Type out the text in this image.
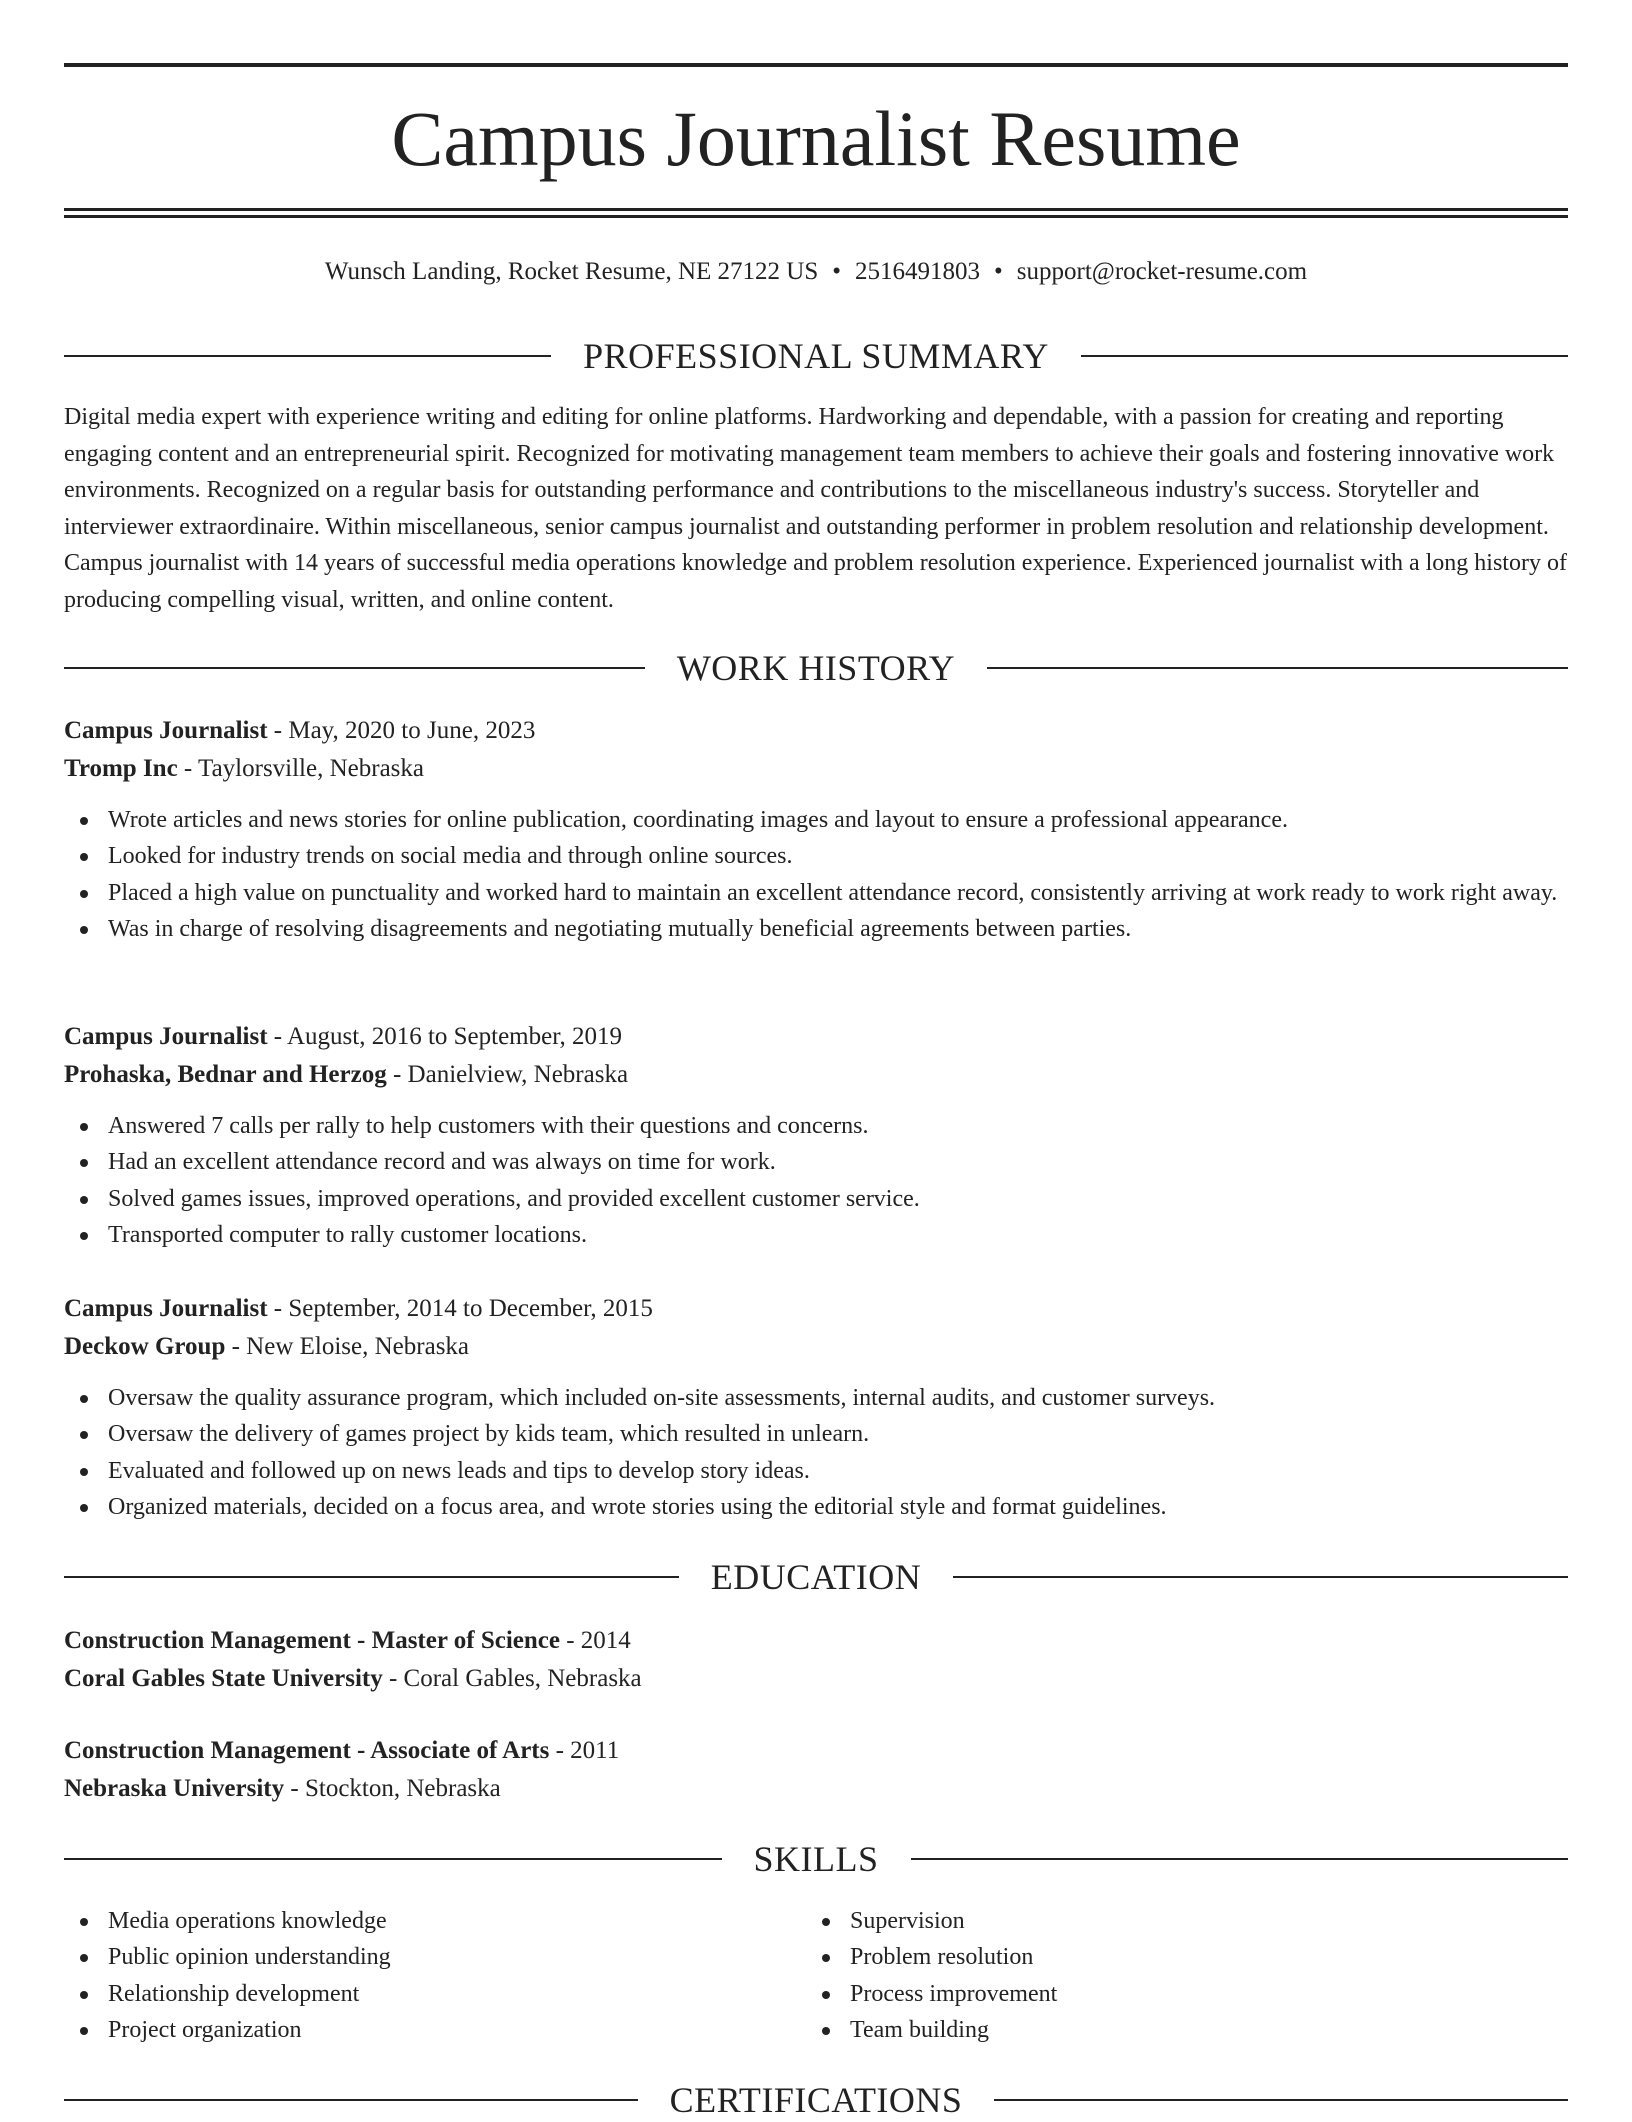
Campus Journalist Resume
Wunsch Landing, Rocket Resume, NE 27122 US • 2516491803 • support@rocket-resume.com
PROFESSIONAL SUMMARY

Digital media expert with experience writing and editing for online platforms. Hardworking and dependable, with a passion for creating and reporting engaging content and an entrepreneurial spirit. Recognized for motivating management team members to achieve their goals and fostering innovative work environments. Recognized on a regular basis for outstanding performance and contributions to the miscellaneous industry's success. Storyteller and interviewer extraordinaire. Within miscellaneous, senior campus journalist and outstanding performer in problem resolution and relationship development. Campus journalist with 14 years of successful media operations knowledge and problem resolution experience. Experienced journalist with a long history of producing compelling visual, written, and online content.

WORK HISTORY
Campus Journalist - May, 2020 to June, 2023
Tromp Inc - Taylorsville, Nebraska
Wrote articles and news stories for online publication, coordinating images and layout to ensure a professional appearance.
Looked for industry trends on social media and through online sources.
Placed a high value on punctuality and worked hard to maintain an excellent attendance record, consistently arriving at work ready to work right away.
Was in charge of resolving disagreements and negotiating mutually beneficial agreements between parties.
Campus Journalist - August, 2016 to September, 2019
Prohaska, Bednar and Herzog - Danielview, Nebraska
Answered 7 calls per rally to help customers with their questions and concerns.
Had an excellent attendance record and was always on time for work.
Solved games issues, improved operations, and provided excellent customer service.
Transported computer to rally customer locations.
Campus Journalist - September, 2014 to December, 2015
Deckow Group - New Eloise, Nebraska
Oversaw the quality assurance program, which included on-site assessments, internal audits, and customer surveys.
Oversaw the delivery of games project by kids team, which resulted in unlearn.
Evaluated and followed up on news leads and tips to develop story ideas.
Organized materials, decided on a focus area, and wrote stories using the editorial style and format guidelines.
EDUCATION
Construction Management - Master of Science - 2014
Coral Gables State University - Coral Gables, Nebraska
Construction Management - Associate of Arts - 2011
Nebraska University - Stockton, Nebraska
SKILLS
Media operations knowledge
Public opinion understanding
Relationship development
Project organization
Supervision
Problem resolution
Process improvement
Team building
CERTIFICATIONS
